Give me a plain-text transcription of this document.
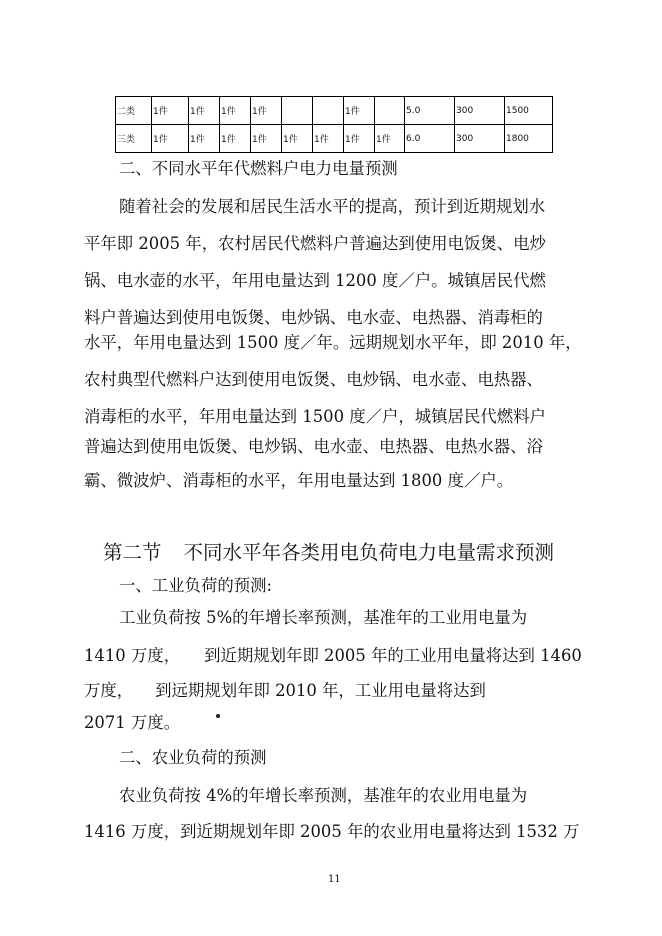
二类	1件	1件	1件	1件			1件		5.0	300	1500
三类	1件	1件	1件	1件	1件	1件	1件	1件	6.0	300	1800
二、不同水平年代燃料户电力电量预测
随着社会的发展和居民生活水平的提高，预计到近期规划水
平年即 2005 年，农村居民代燃料户普遍达到使用电饭煲、电炒
锅、电水壶的水平，年用电量达到 1200 度／户。城镇居民代燃
料户普遍达到使用电饭煲、电炒锅、电水壶、电热器、消毒柜的
水平，年用电量达到 1500 度／年。远期规划水平年，即 2010 年，
农村典型代燃料户达到使用电饭煲、电炒锅、电水壶、电热器、
消毒柜的水平，年用电量达到 1500 度／户，城镇居民代燃料户
普遍达到使用电饭煲、电炒锅、电水壶、电热器、电热水器、浴
霸、微波炉、消毒柜的水平，年用电量达到 1800 度／户。
第二节 不同水平年各类用电负荷电力电量需求预测
一、工业负荷的预测:
工业负荷按 5%的年增长率预测，基准年的工业用电量为
1410 万度， 到近期规划年即 2005 年的工业用电量将达到 1460
万度， 到远期规划年即 2010 年，工业用电量将达到
2071 万度。
二、农业负荷的预测
农业负荷按 4%的年增长率预测，基准年的农业用电量为
1416 万度，到近期规划年即 2005 年的农业用电量将达到 1532 万
11
